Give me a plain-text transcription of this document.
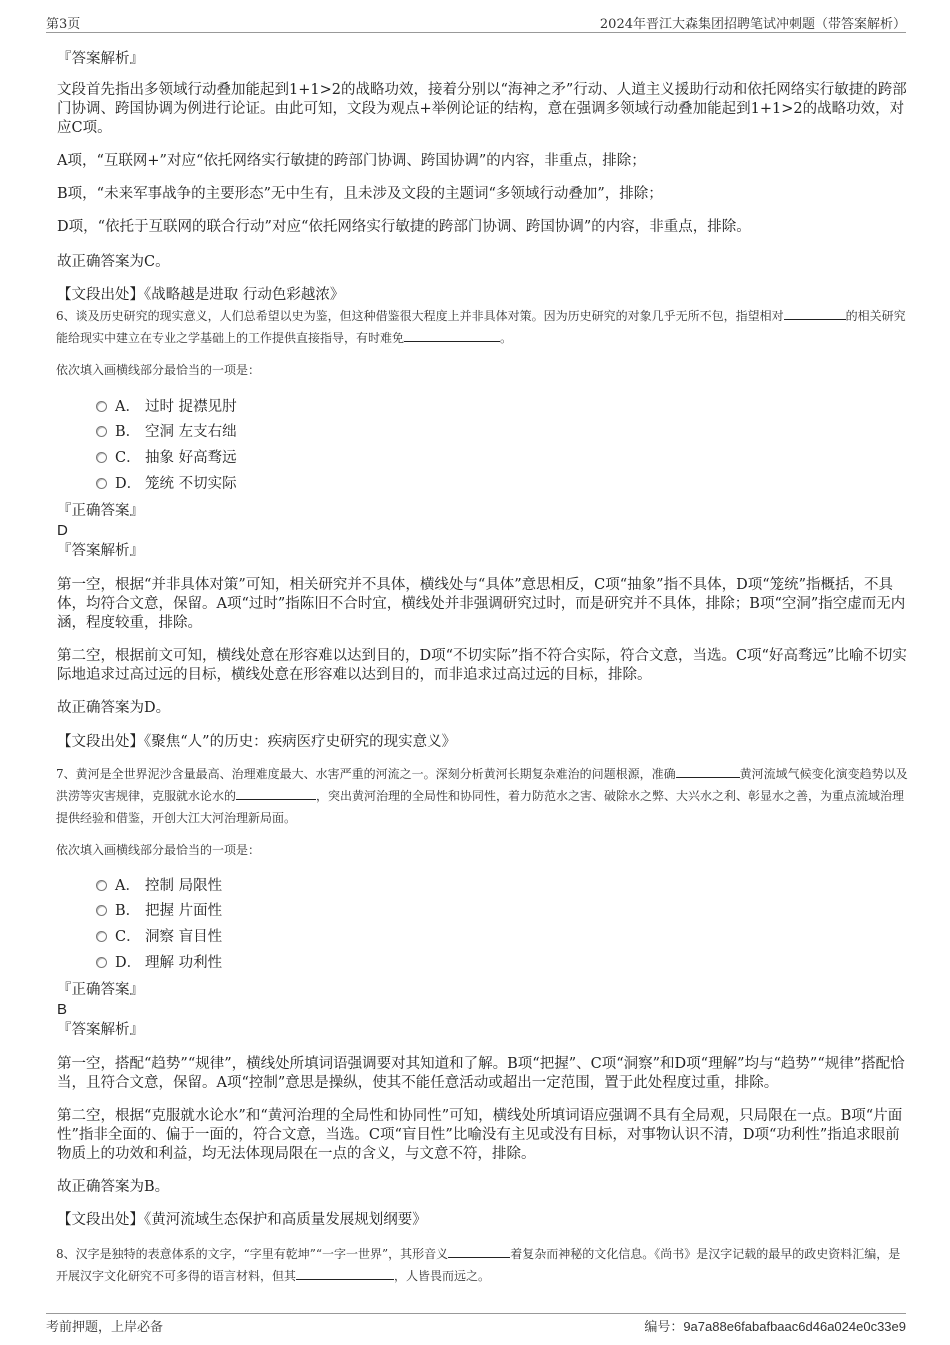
第3页	2024年晋江大森集团招聘笔试冲刺题（带答案解析）
『答案解析』
文段首先指出多领域行动叠加能起到1+1>2的战略功效，接着分别以“海神之矛”行动、人道主义援助行动和依托网络实行敏捷的跨部门协调、跨国协调为例进行论证。由此可知，文段为观点+举例论证的结构，意在强调多领域行动叠加能起到1+1>2的战略功效，对应C项。
A项，“互联网+”对应“依托网络实行敏捷的跨部门协调、跨国协调”的内容，非重点，排除；
B项，“未来军事战争的主要形态”无中生有，且未涉及文段的主题词“多领域行动叠加”，排除；
D项，“依托于互联网的联合行动”对应“依托网络实行敏捷的跨部门协调、跨国协调”的内容，非重点，排除。
故正确答案为C。
【文段出处】《战略越是进取 行动色彩越浓》
6、谈及历史研究的现实意义，人们总希望以史为鉴，但这种借鉴很大程度上并非具体对策。因为历史研究的对象几乎无所不包，指望相对	的相关研究能给现实中建立在专业之学基础上的工作提供直接指导，有时难免	。
依次填入画横线部分最恰当的一项是：
A． 过时 捉襟见肘
B． 空洞 左支右绌
C． 抽象 好高骛远
D． 笼统 不切实际
『正确答案』
D
『答案解析』
第一空，根据“并非具体对策”可知，相关研究并不具体，横线处与“具体”意思相反，C项“抽象”指不具体，D项“笼统”指概括，不具体，均符合文意，保留。A项“过时”指陈旧不合时宜，横线处并非强调研究过时，而是研究并不具体，排除；B项“空洞”指空虚而无内涵，程度较重，排除。
第二空，根据前文可知，横线处意在形容难以达到目的，D项“不切实际”指不符合实际，符合文意，当选。C项“好高骛远”比喻不切实际地追求过高过远的目标，横线处意在形容难以达到目的，而非追求过高过远的目标，排除。
故正确答案为D。
【文段出处】《聚焦“人”的历史：疾病医疗史研究的现实意义》
7、黄河是全世界泥沙含量最高、治理难度最大、水害严重的河流之一。深刻分析黄河长期复杂难治的问题根源，准确	黄河流域气候变化演变趋势以及洪涝等灾害规律，克服就水论水的	，突出黄河治理的全局性和协同性，着力防范水之害、破除水之弊、大兴水之利、彰显水之善，为重点流域治理提供经验和借鉴，开创大江大河治理新局面。
依次填入画横线部分最恰当的一项是：
A． 控制 局限性
B． 把握 片面性
C． 洞察 盲目性
D． 理解 功利性
『正确答案』
B
『答案解析』
第一空，搭配“趋势”“规律”，横线处所填词语强调要对其知道和了解。B项“把握”、C项“洞察”和D项“理解”均与“趋势”“规律”搭配恰当，且符合文意，保留。A项“控制”意思是操纵，使其不能任意活动或超出一定范围，置于此处程度过重，排除。
第二空，根据“克服就水论水”和“黄河治理的全局性和协同性”可知，横线处所填词语应强调不具有全局观，只局限在一点。B项“片面性”指非全面的、偏于一面的，符合文意，当选。C项“盲目性”比喻没有主见或没有目标，对事物认识不清，D项“功利性”指追求眼前物质上的功效和利益，均无法体现局限在一点的含义，与文意不符，排除。
故正确答案为B。
【文段出处】《黄河流域生态保护和高质量发展规划纲要》
8、汉字是独特的表意体系的文字，“字里有乾坤”“一字一世界”，其形音义	着复杂而神秘的文化信息。《尚书》是汉字记载的最早的政史资料汇编，是开展汉字文化研究不可多得的语言材料，但其	，人皆畏而远之。
考前押题，上岸必备	编号：9a7a88e6fabafbaac6d46a024e0c33e9
